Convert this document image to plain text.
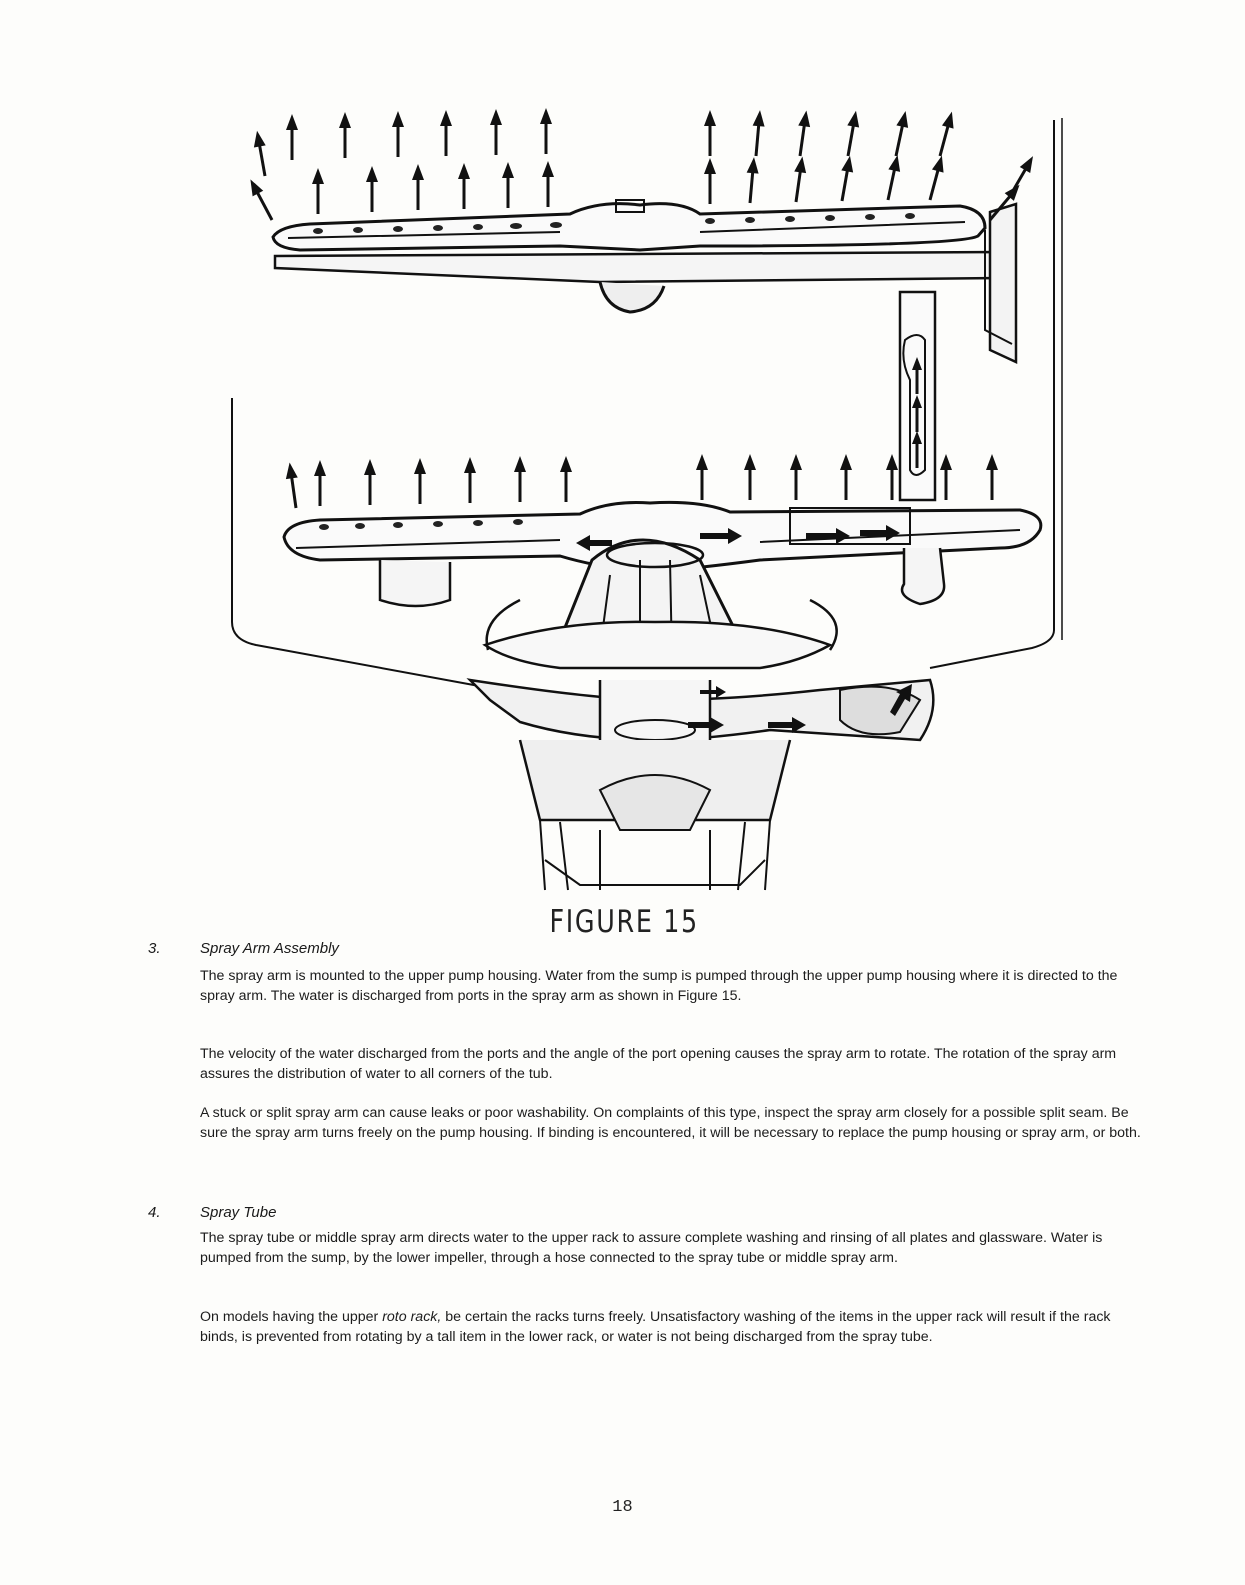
FIGURE 15
3.	Spray Arm Assembly

The spray arm is mounted to the upper pump housing. Water from the sump is pumped through the upper pump housing where it is directed to the spray arm. The water is discharged from ports in the spray arm as shown in Figure 15.

The velocity of the water discharged from the ports and the angle of the port opening causes the spray arm to rotate. The rotation of the spray arm assures the distribution of water to all corners of the tub.

A stuck or split spray arm can cause leaks or poor washability. On complaints of this type, inspect the spray arm closely for a possible split seam. Be sure the spray arm turns freely on the pump housing. If binding is encountered, it will be necessary to replace the pump housing or spray arm, or both.

4.	Spray Tube

The spray tube or middle spray arm directs water to the upper rack to assure complete washing and rinsing of all plates and glassware. Water is pumped from the sump, by the lower impeller, through a hose connected to the spray tube or middle spray arm.

On models having the upper roto rack, be certain the racks turns freely. Unsatisfactory washing of the items in the upper rack will result if the rack binds, is prevented from rotating by a tall item in the lower rack, or water is not being discharged from the spray tube.

18
